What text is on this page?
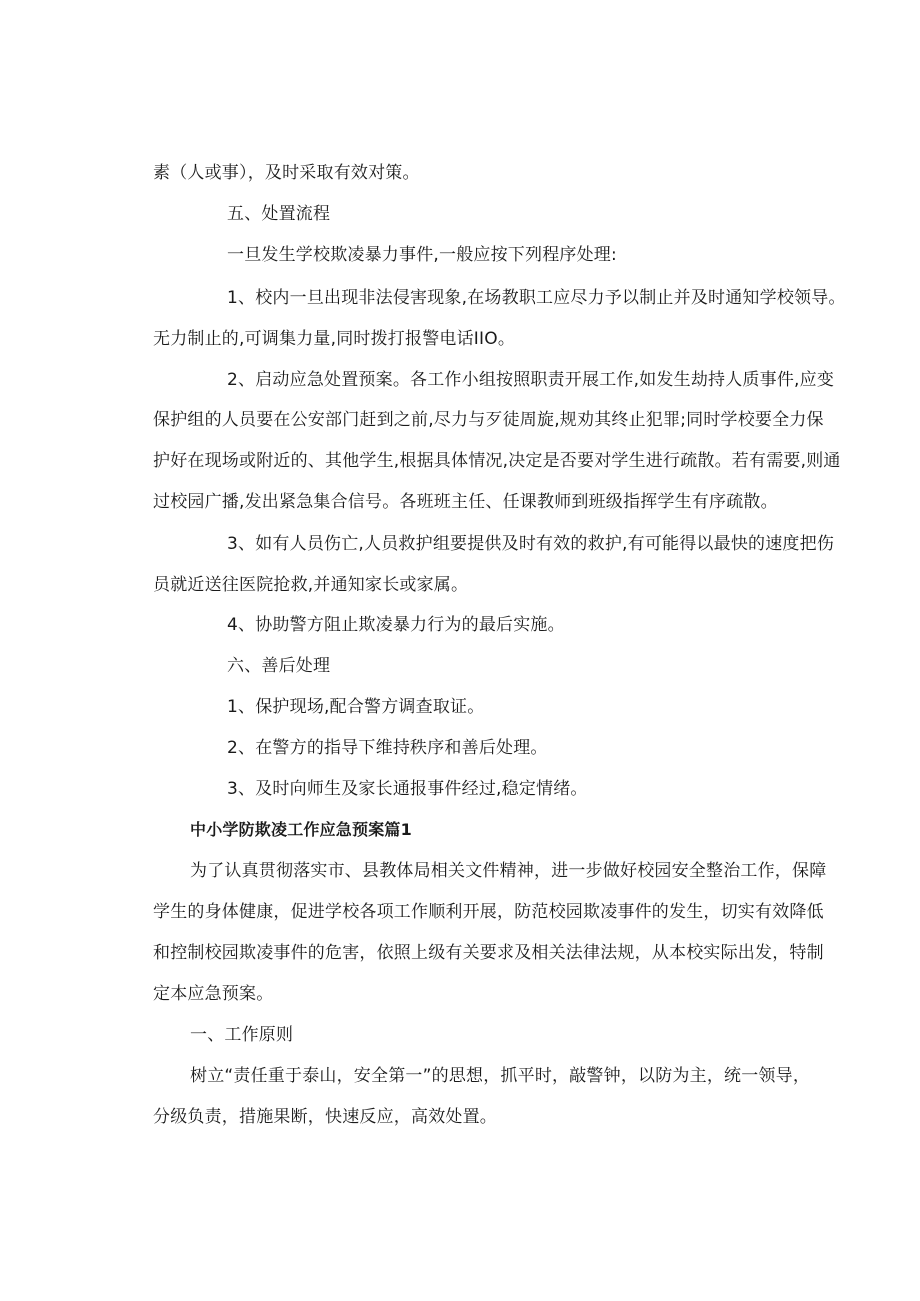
素（人或事），及时采取有效对策。

五、处置流程

一旦发生学校欺凌暴力事件,一般应按下列程序处理:

1、校内一旦出现非法侵害现象,在场教职工应尽力予以制止并及时通知学校领导。

无力制止的,可调集力量,同时拨打报警电话IIO。

2、启动应急处置预案。各工作小组按照职责开展工作,如发生劫持人质事件,应变

保护组的人员要在公安部门赶到之前,尽力与歹徒周旋,规劝其终止犯罪;同时学校要全力保

护好在现场或附近的、其他学生,根据具体情况,决定是否要对学生进行疏散。若有需要,则通

过校园广播,发出紧急集合信号。各班班主任、任课教师到班级指挥学生有序疏散。

3、如有人员伤亡,人员救护组要提供及时有效的救护,有可能得以最快的速度把伤

员就近送往医院抢救,并通知家长或家属。

4、协助警方阻止欺凌暴力行为的最后实施。

六、善后处理

1、保护现场,配合警方调查取证。

2、在警方的指导下维持秩序和善后处理。

3、及时向师生及家长通报事件经过,稳定情绪。

中小学防欺凌工作应急预案篇1

为了认真贯彻落实市、县教体局相关文件精神，进一步做好校园安全整治工作，保障

学生的身体健康，促进学校各项工作顺利开展，防范校园欺凌事件的发生，切实有效降低

和控制校园欺凌事件的危害，依照上级有关要求及相关法律法规，从本校实际出发，特制

定本应急预案。

一、工作原则

树立“责任重于泰山，安全第一”的思想，抓平时，敲警钟，以防为主，统一领导，

分级负责，措施果断，快速反应，高效处置。
